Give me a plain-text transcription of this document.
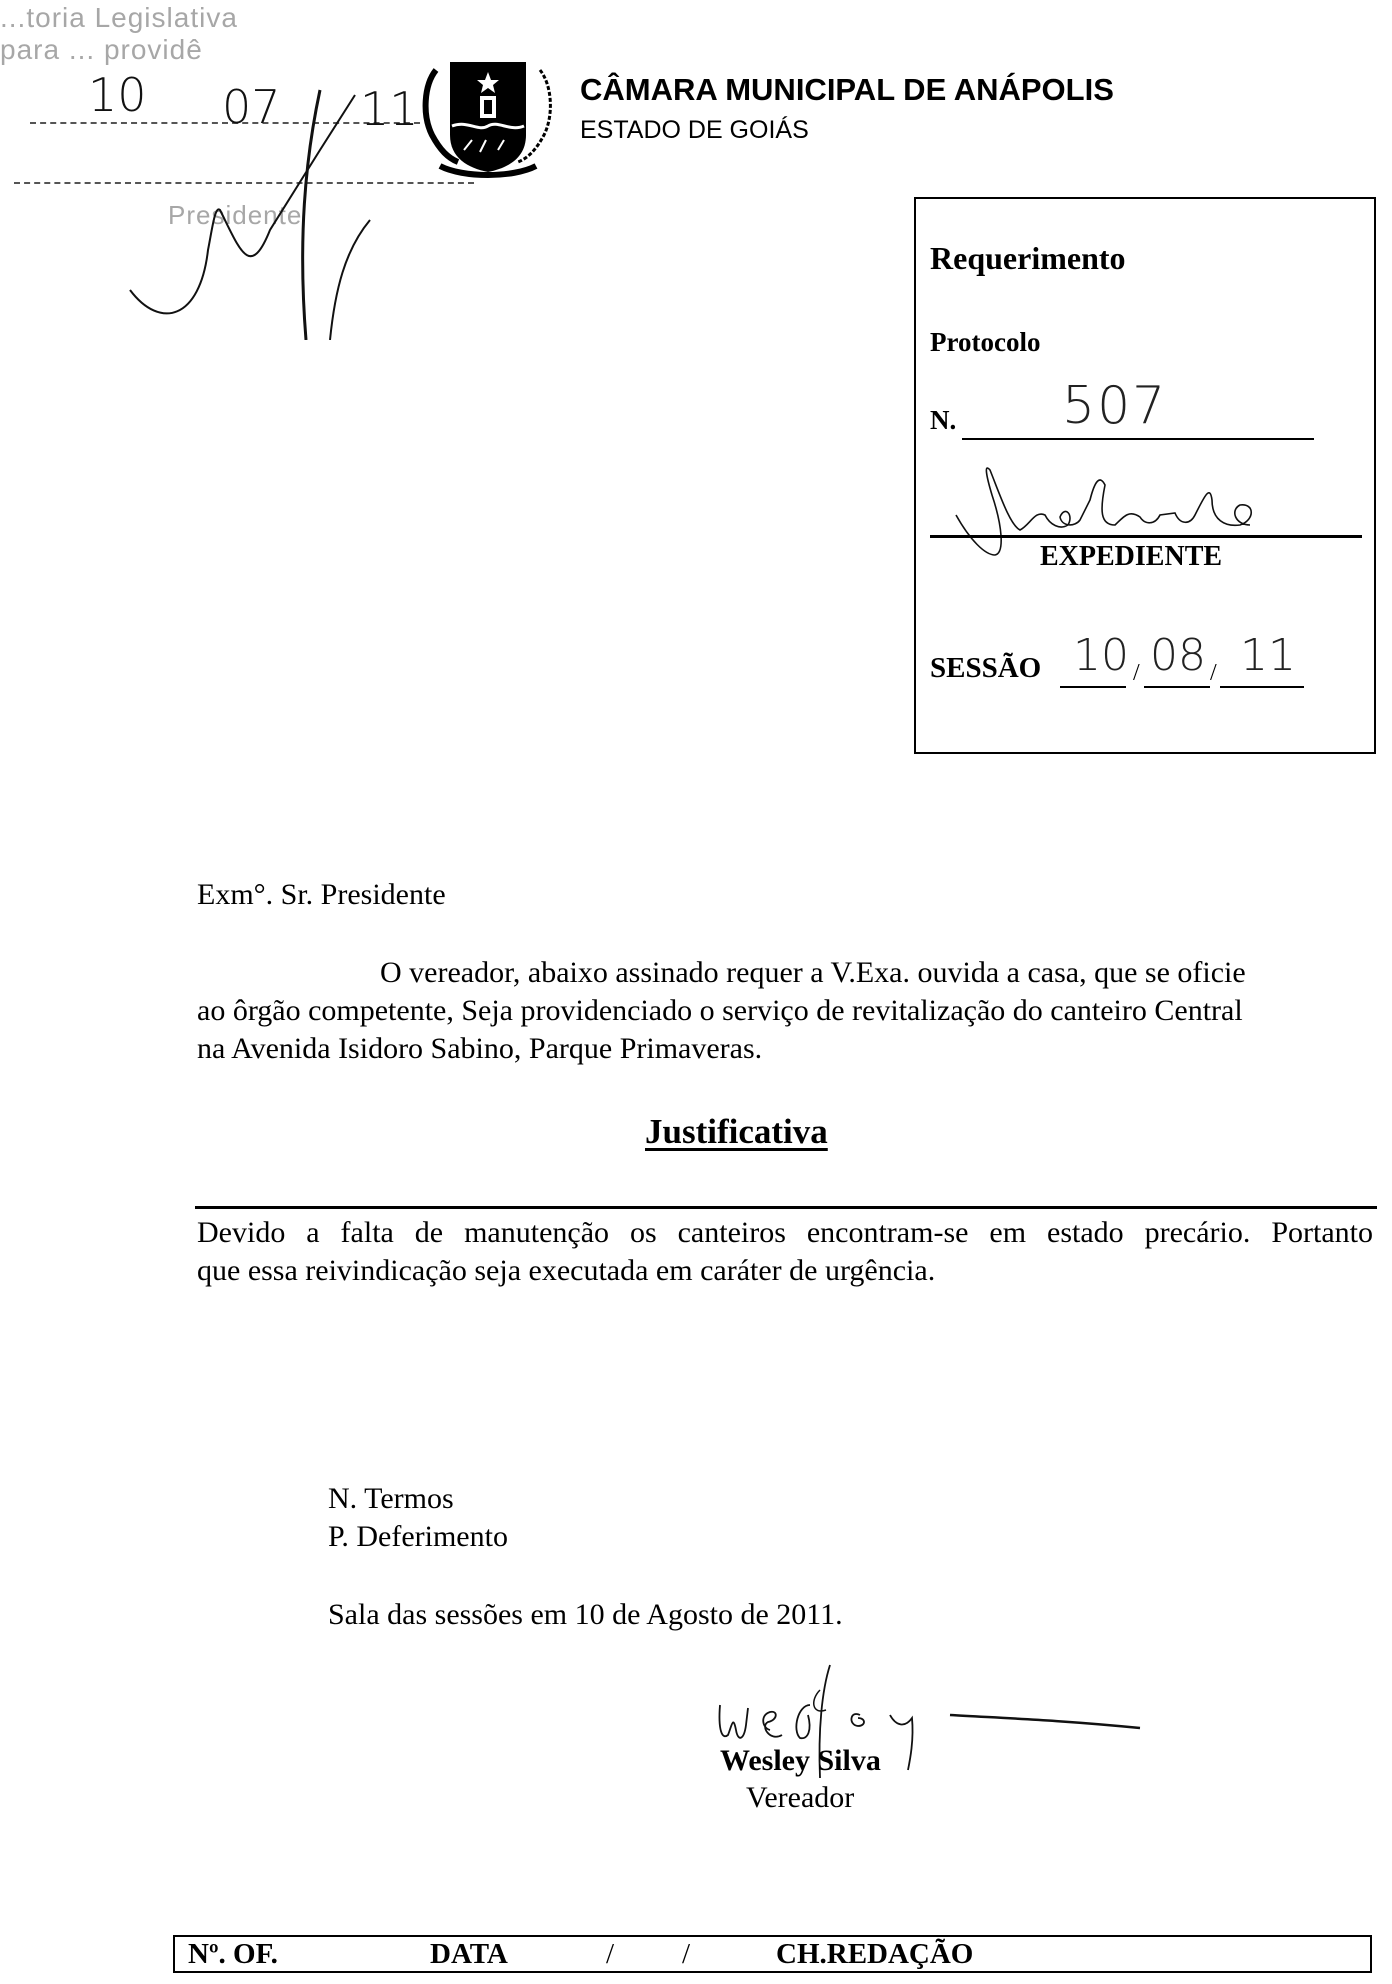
...toria Legislativa
para ... providê
10 07 11
Presidente
CÂMARA MUNICIPAL DE ANÁPOLIS
ESTADO DE GOIÁS
Requerimento
Protocolo
N. 507
EXPEDIENTE
SESSÃO 10 / 08 / 11
Exm°. Sr. Presidente
O vereador, abaixo assinado requer a V.Exa. ouvida a casa, que se oficie
ao ôrgão competente, Seja providenciado o serviço de revitalização do canteiro Central
na Avenida Isidoro Sabino, Parque Primaveras.
Justificativa
Devido a falta de manutenção os canteiros encontram-se em estado precário. Portanto
que essa reivindicação seja executada em caráter de urgência.
N. Termos
P. Deferimento
Sala das sessões em 10 de Agosto de 2011.
Wesley Silva
Vereador
Nº. OF.	DATA	/ /	CH.REDAÇÃO
